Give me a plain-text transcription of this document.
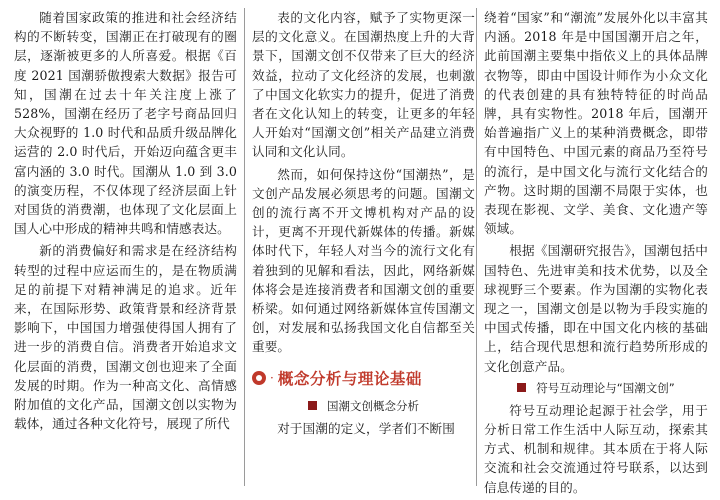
随着国家政策的推进和社会经济结构的不断转变，国潮正在打破现有的圈层，逐渐被更多的人所喜爱。根据《百度 2021 国潮骄傲搜索大数据》报告可知，国潮在过去十年关注度上涨了 528%，国潮在经历了老字号商品回归大众视野的 1.0 时代和品质升级品牌化运营的 2.0 时代后，开始迈向蕴含更丰富内涵的 3.0 时代。国潮从 1.0 到 3.0 的演变历程，不仅体现了经济层面上针对国货的消费潮，也体现了文化层面上国人心中形成的精神共鸣和情感表达。

新的消费偏好和需求是在经济结构转型的过程中应运而生的，是在物质满足的前提下对精神满足的追求。近年来，在国际形势、政策背景和经济背景影响下，中国国力增强使得国人拥有了进一步的消费自信。消费者开始追求文化层面的消费，国潮文创也迎来了全面发展的时期。作为一种高文化、高情感附加值的文化产品，国潮文创以实物为载体，通过各种文化符号，展现了所代

表的文化内容，赋予了实物更深一层的文化意义。在国潮热度上升的大背景下，国潮文创不仅带来了巨大的经济效益，拉动了文化经济的发展，也刺激了中国文化软实力的提升，促进了消费者在文化认知上的转变，让更多的年轻人开始对“国潮文创”相关产品建立消费认同和文化认同。

然而，如何保持这份“国潮热”，是文创产品发展必须思考的问题。国潮文创的流行离不开文博机构对产品的设计，更离不开现代新媒体的传播。新媒体时代下，年轻人对当今的流行文化有着独到的见解和看法，因此，网络新媒体将会是连接消费者和国潮文创的重要桥梁。如何通过网络新媒体宣传国潮文创，对发展和弘扬我国文化自信都至关重要。

· 概念分析与理论基础
国潮文创概念分析

对于国潮的定义，学者们不断围

绕着“国家”和“潮流”发展外化以丰富其内涵。2018 年是中国国潮开启之年，此前国潮主要集中指依义上的具体品牌衣物等，即由中国设计师作为小众文化的代表创建的具有独特特征的时尚品牌，具有实物性。2018 年后，国潮开始普遍指广义上的某种消费概念，即带有中国特色、中国元素的商品乃至符号的流行，是中国文化与流行文化结合的产物。这时期的国潮不局限于实体，也表现在影视、文学、美食、文化遗产等领域。

根据《国潮研究报告》，国潮包括中国特色、先进审美和技术优势，以及全球视野三个要素。作为国潮的实物化表现之一，国潮文创是以物为手段实施的中国式传播，即在中国文化内核的基础上，结合现代思想和流行趋势所形成的文化创意产品。

符号互动理论与“国潮文创”

符号互动理论起源于社会学，用于分析日常工作生活中人际互动，探索其方式、机制和规律。其本质在于将人际交流和社会交流通过符号联系，以达到信息传递的目的。
